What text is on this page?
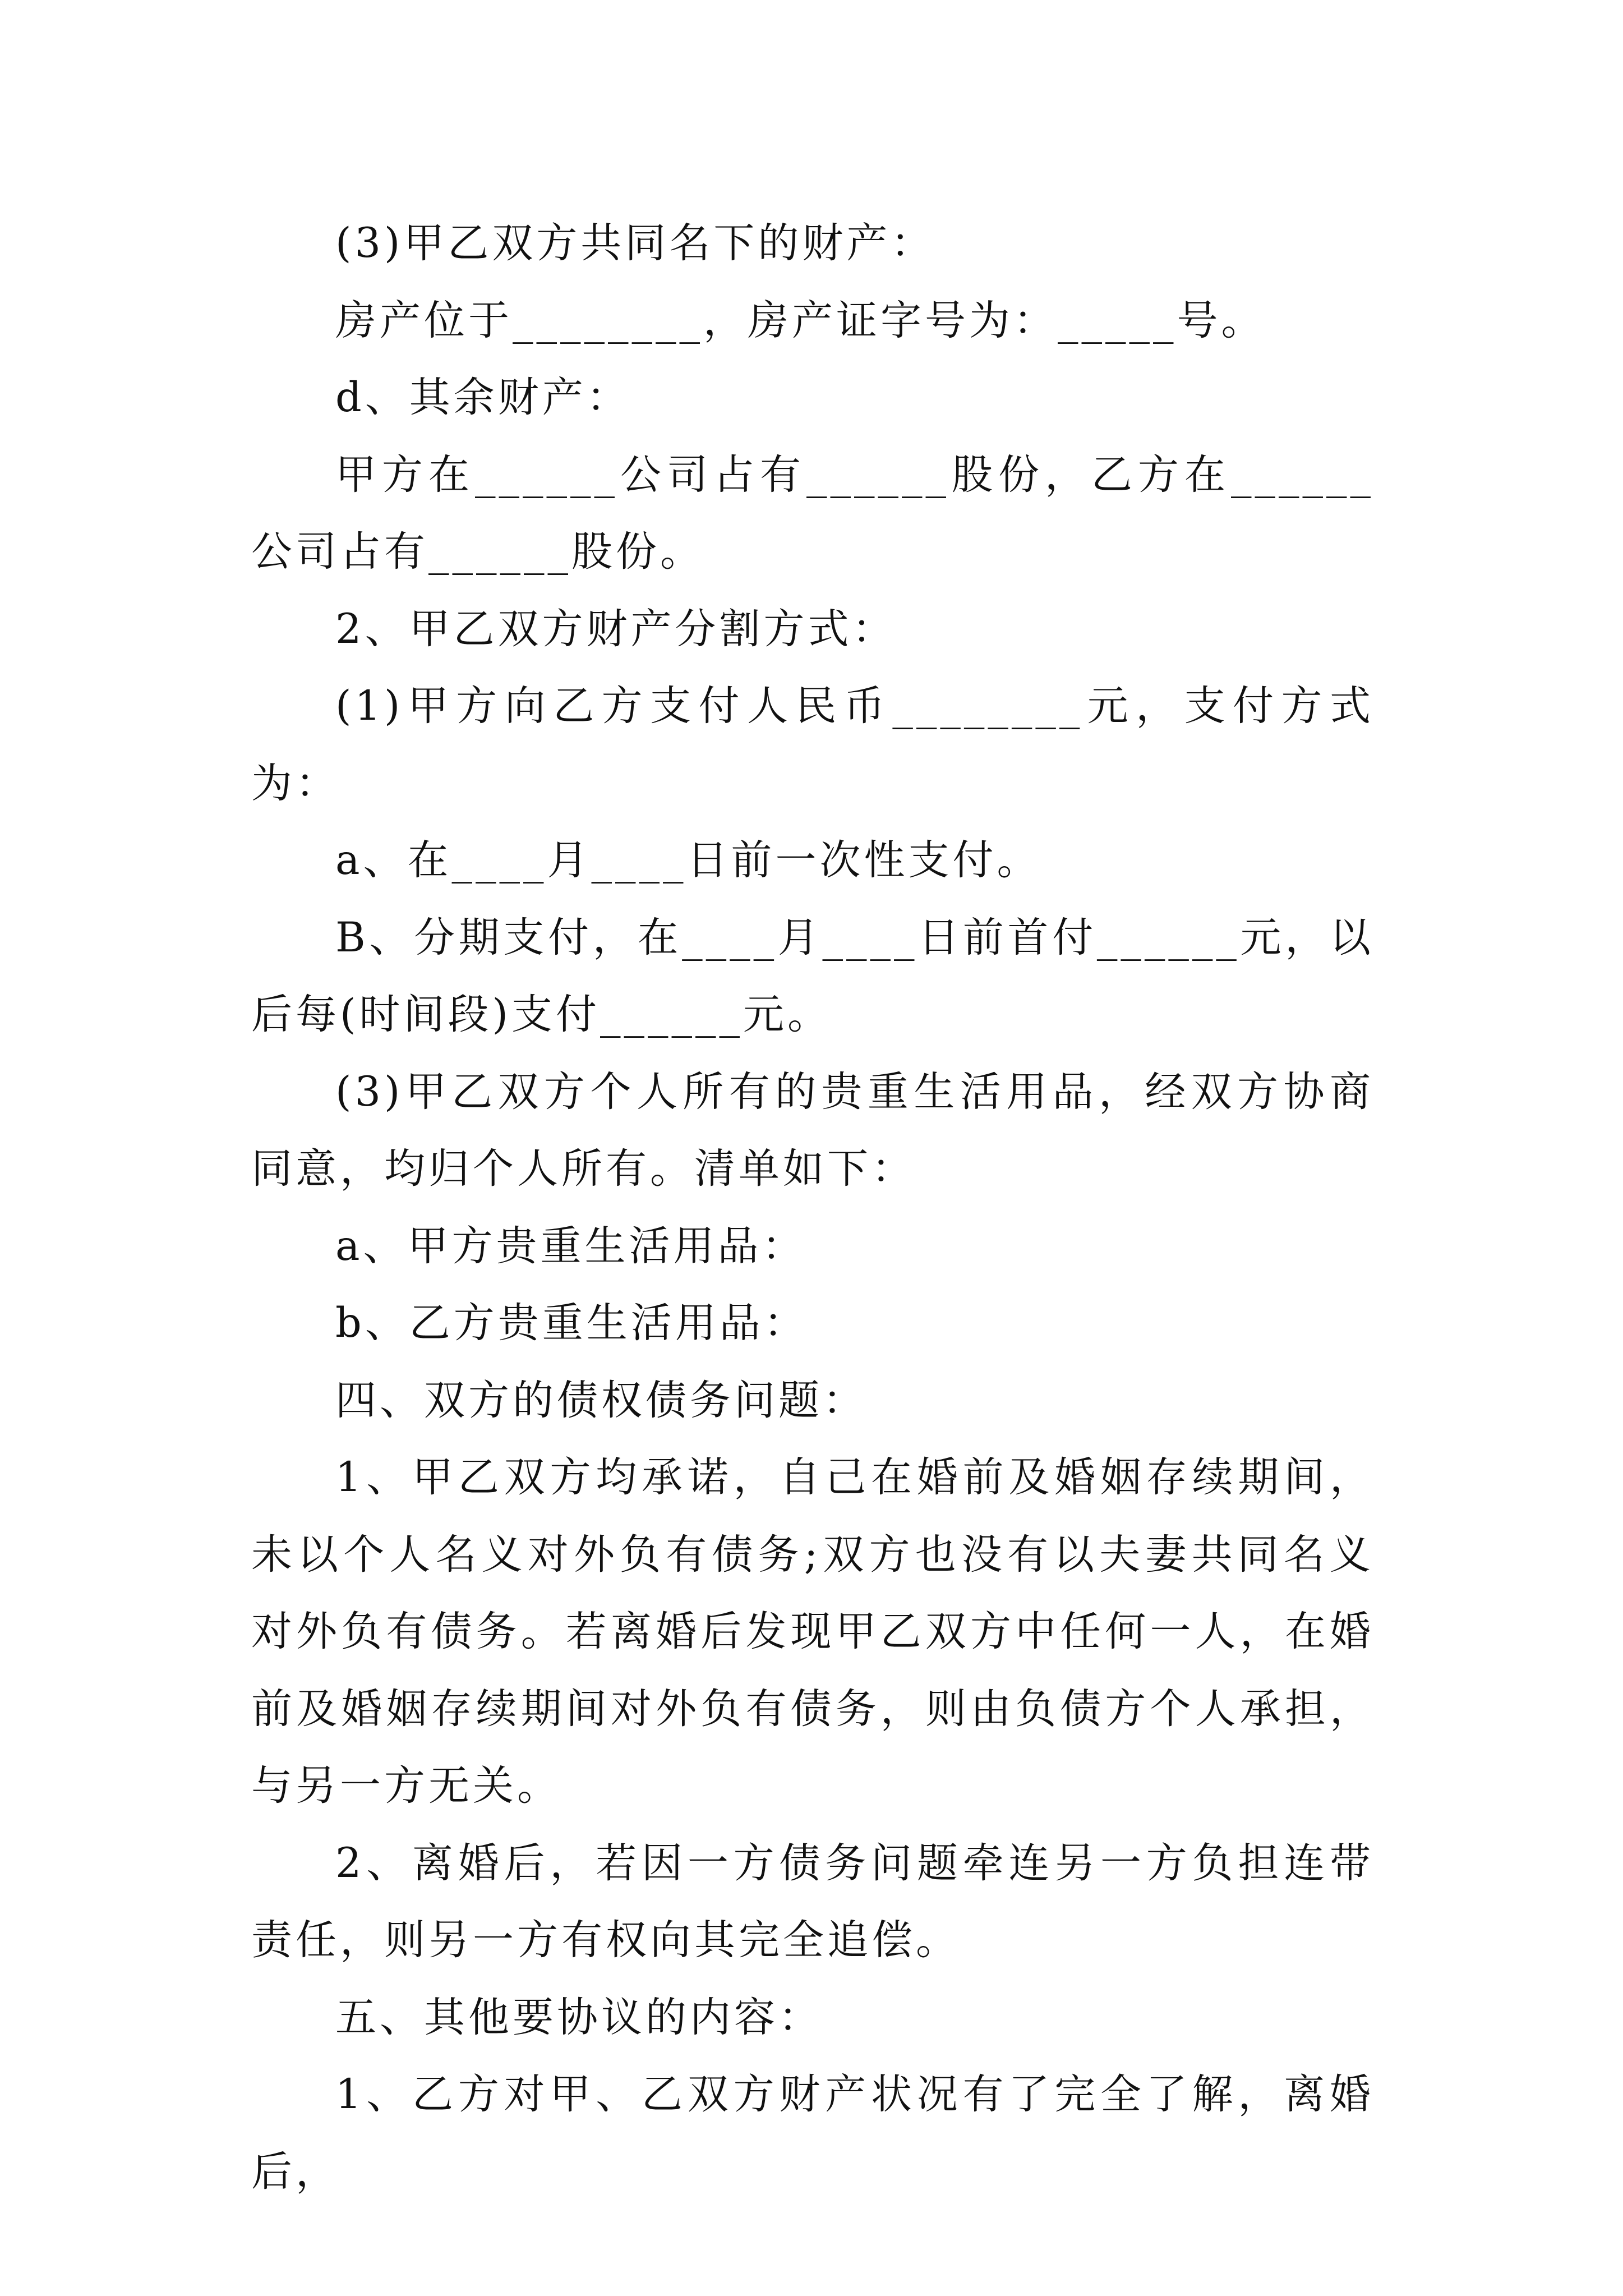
(3)甲乙双方共同名下的财产：

房产位于________，房产证字号为：_____号。

d、其余财产：

甲方在______公司占有______股份，乙方在______公司占有______股份。

2、甲乙双方财产分割方式：

(1)甲方向乙方支付人民币________元，支付方式为：

a、在____月____日前一次性支付。

B、分期支付，在____月____日前首付______元，以后每(时间段)支付______元。

(3)甲乙双方个人所有的贵重生活用品，经双方协商同意，均归个人所有。清单如下：

a、甲方贵重生活用品：

b、乙方贵重生活用品：

四、双方的债权债务问题：

1、甲乙双方均承诺，自己在婚前及婚姻存续期间，未以个人名义对外负有债务;双方也没有以夫妻共同名义对外负有债务。若离婚后发现甲乙双方中任何一人，在婚前及婚姻存续期间对外负有债务，则由负债方个人承担，与另一方无关。

2、离婚后，若因一方债务问题牵连另一方负担连带责任，则另一方有权向其完全追偿。

五、其他要协议的内容：

1、乙方对甲、乙双方财产状况有了完全了解，离婚后，
